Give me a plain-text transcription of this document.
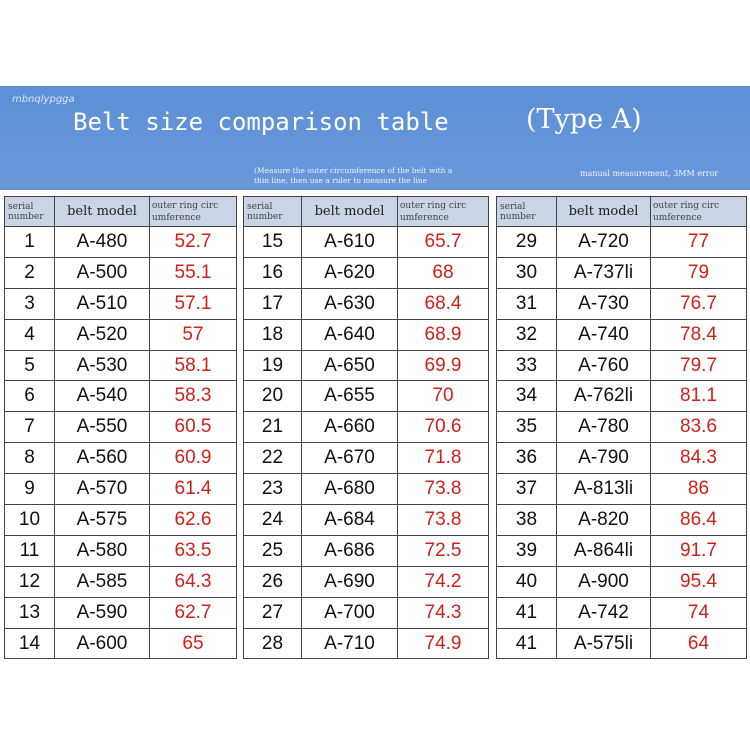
mbnqlypgga
Belt size comparison table	(Type A)
(Measure the outer circumference of the belt with a thin line, then use a ruler to measure the line
manual measurement, 3MM error
serial number	belt model	outer ring circ umference
1	A-480	52.7
2	A-500	55.1
3	A-510	57.1
4	A-520	57
5	A-530	58.1
6	A-540	58.3
7	A-550	60.5
8	A-560	60.9
9	A-570	61.4
10	A-575	62.6
11	A-580	63.5
12	A-585	64.3
13	A-590	62.7
14	A-600	65
serial number	belt model	outer ring circ umference
15	A-610	65.7
16	A-620	68
17	A-630	68.4
18	A-640	68.9
19	A-650	69.9
20	A-655	70
21	A-660	70.6
22	A-670	71.8
23	A-680	73.8
24	A-684	73.8
25	A-686	72.5
26	A-690	74.2
27	A-700	74.3
28	A-710	74.9
serial number	belt model	outer ring circ umference
29	A-720	77
30	A-737li	79
31	A-730	76.7
32	A-740	78.4
33	A-760	79.7
34	A-762li	81.1
35	A-780	83.6
36	A-790	84.3
37	A-813li	86
38	A-820	86.4
39	A-864li	91.7
40	A-900	95.4
41	A-742	74
41	A-575li	64
